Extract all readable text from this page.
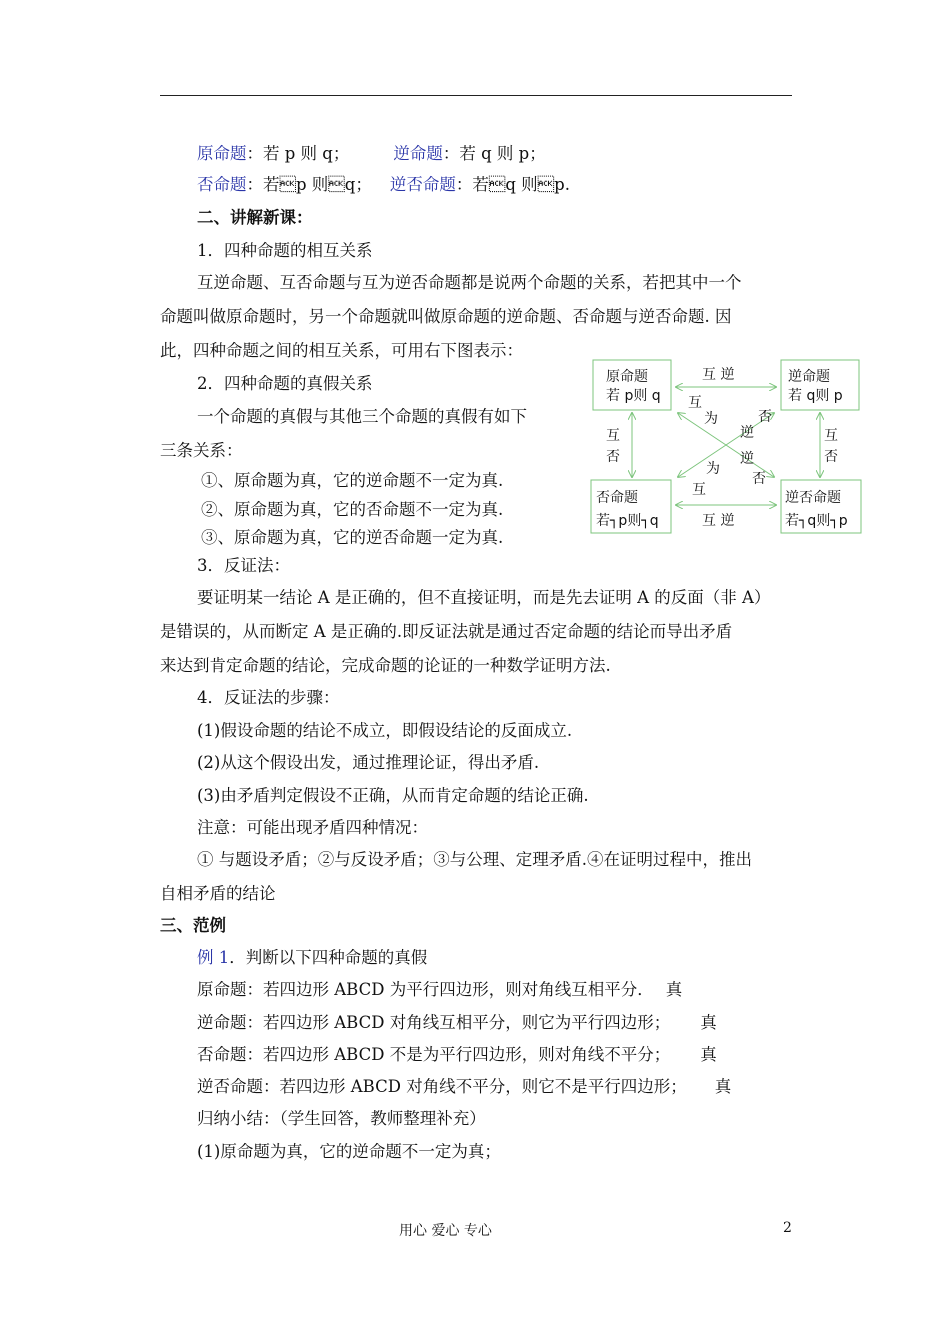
原命题：若 p 则 q；	逆命题：若 q 则 p；
否命题：若p 则q； 逆否命题：若q 则p.
二、讲解新课：
1．四种命题的相互关系
互逆命题、互否命题与互为逆否命题都是说两个命题的关系，若把其中一个
命题叫做原命题时，另一个命题就叫做原命题的逆命题、否命题与逆否命题. 因
此，四种命题之间的相互关系，可用右下图表示：
2．四种命题的真假关系
一个命题的真假与其他三个命题的真假有如下
三条关系：
①、原命题为真，它的逆命题不一定为真.
②、原命题为真，它的否命题不一定为真.
③、原命题为真，它的逆否命题一定为真.
3．反证法：
要证明某一结论 A 是正确的，但不直接证明，而是先去证明 A 的反面（非 A）
是错误的，从而断定 A 是正确的.即反证法就是通过否定命题的结论而导出矛盾
来达到肯定命题的结论，完成命题的论证的一种数学证明方法.
4．反证法的步骤：
(1)假设命题的结论不成立，即假设结论的反面成立.
(2)从这个假设出发，通过推理论证，得出矛盾.
(3)由矛盾判定假设不正确，从而肯定命题的结论正确.
注意：可能出现矛盾四种情况：
① 与题设矛盾；②与反设矛盾；③与公理、定理矛盾.④在证明过程中，推出
自相矛盾的结论
三、范例
例 1．判断以下四种命题的真假
原命题：若四边形 ABCD 为平行四边形，则对角线互相平分． 真
逆命题：若四边形 ABCD 对角线互相平分，则它为平行四边形； 真
否命题：若四边形 ABCD 不是为平行四边形，则对角线不平分； 真
逆否命题：若四边形 ABCD 对角线不平分，则它不是平行四边形； 真
归纳小结：（学生回答，教师整理补充）
(1)原命题为真，它的逆命题不一定为真；
原命题
若 p则 q
逆命题
若 q则 p
否命题
若┐p则┐q
逆否命题
若┐q则┐p
互 逆
互 逆
互
否
互
否
互
为
逆
否
逆
否
为
互
用心 爱心 专心	2
